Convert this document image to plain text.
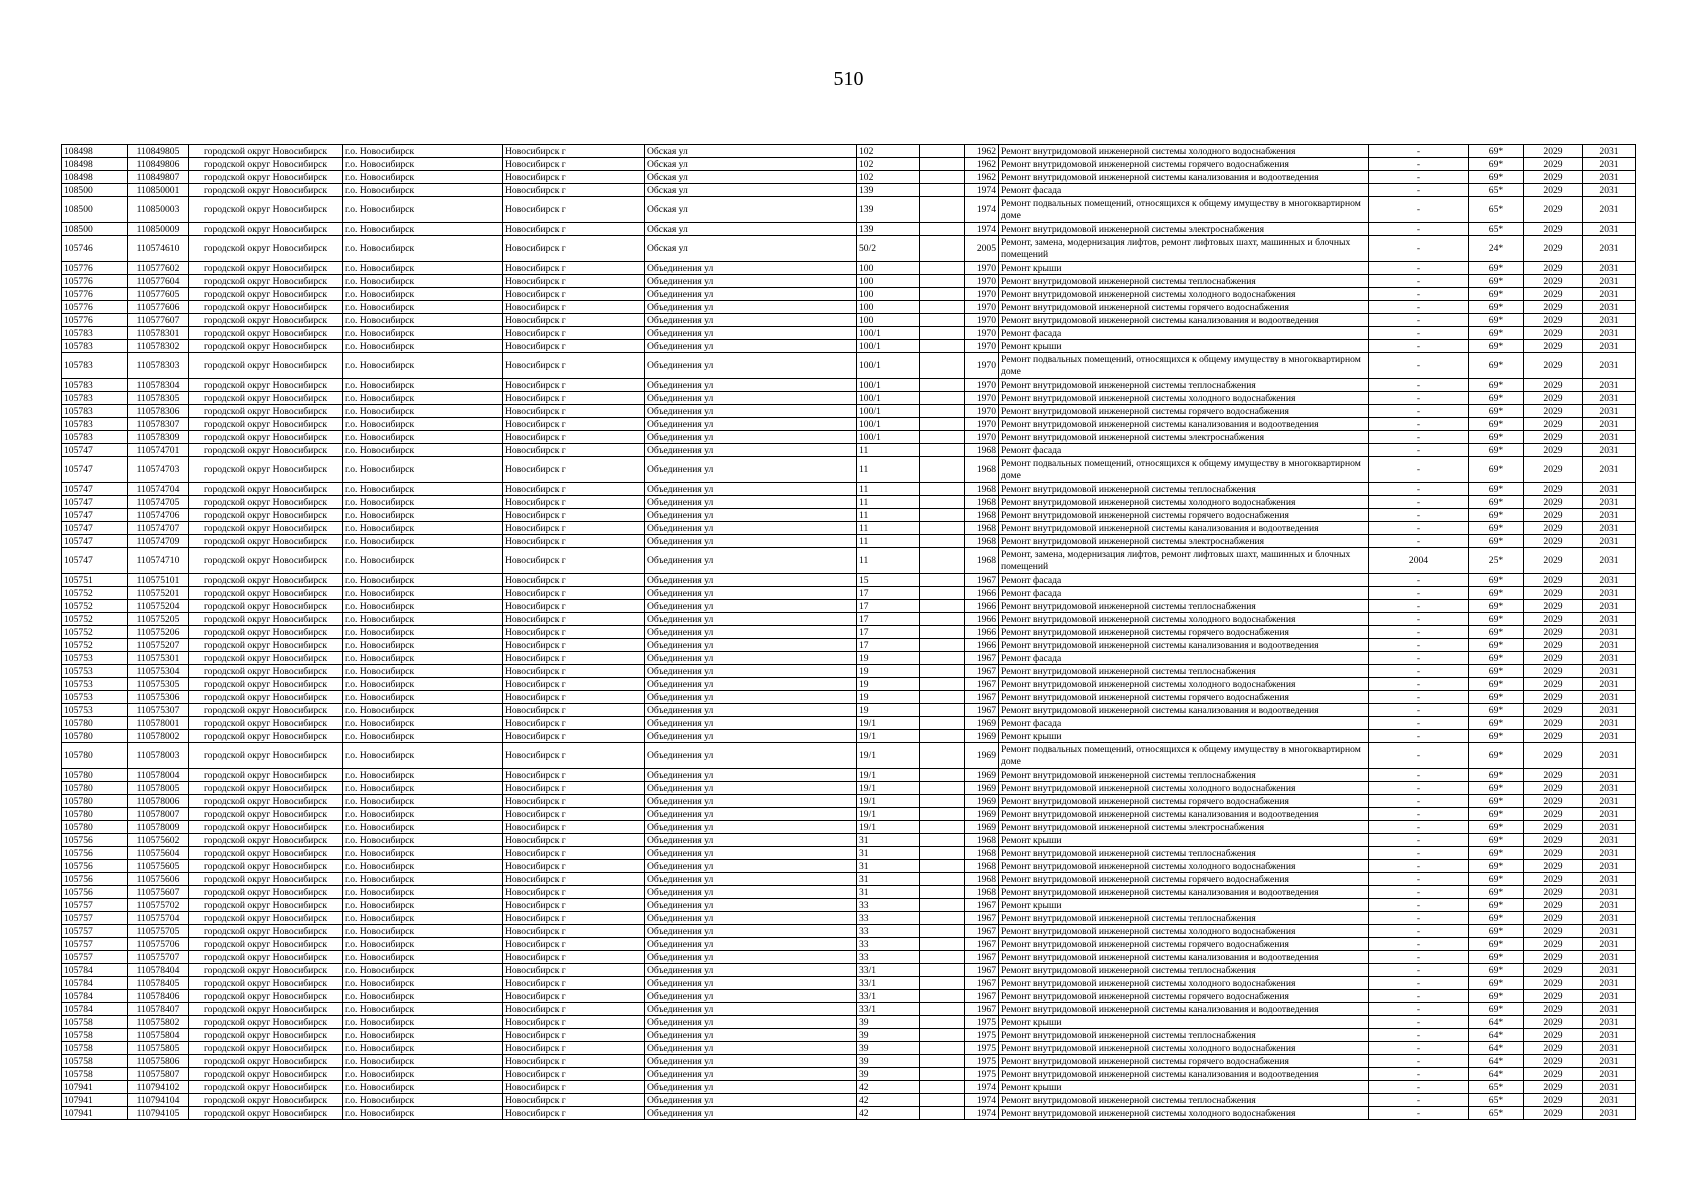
510
108498	110849805	городской округ Новосибирск	г.о. Новосибирск	Новосибирск г	Обская ул	102		1962	Ремонт внутридомовой инженерной системы холодного водоснабжения	-	69*	2029	2031
108498	110849806	городской округ Новосибирск	г.о. Новосибирск	Новосибирск г	Обская ул	102		1962	Ремонт внутридомовой инженерной системы горячего водоснабжения	-	69*	2029	2031
108498	110849807	городской округ Новосибирск	г.о. Новосибирск	Новосибирск г	Обская ул	102		1962	Ремонт внутридомовой инженерной системы канализования и водоотведения	-	69*	2029	2031
108500	110850001	городской округ Новосибирск	г.о. Новосибирск	Новосибирск г	Обская ул	139		1974	Ремонт фасада	-	65*	2029	2031
108500	110850003	городской округ Новосибирск	г.о. Новосибирск	Новосибирск г	Обская ул	139		1974	Ремонт подвальных помещений, относящихся к общему имуществу в многоквартирном доме	-	65*	2029	2031
108500	110850009	городской округ Новосибирск	г.о. Новосибирск	Новосибирск г	Обская ул	139		1974	Ремонт внутридомовой инженерной системы электроснабжения	-	65*	2029	2031
105746	110574610	городской округ Новосибирск	г.о. Новосибирск	Новосибирск г	Обская ул	50/2		2005	Ремонт, замена, модернизация лифтов, ремонт лифтовых шахт, машинных и блочных помещений	-	24*	2029	2031
105776	110577602	городской округ Новосибирск	г.о. Новосибирск	Новосибирск г	Объединения ул	100		1970	Ремонт крыши	-	69*	2029	2031
105776	110577604	городской округ Новосибирск	г.о. Новосибирск	Новосибирск г	Объединения ул	100		1970	Ремонт внутридомовой инженерной системы теплоснабжения	-	69*	2029	2031
105776	110577605	городской округ Новосибирск	г.о. Новосибирск	Новосибирск г	Объединения ул	100		1970	Ремонт внутридомовой инженерной системы холодного водоснабжения	-	69*	2029	2031
105776	110577606	городской округ Новосибирск	г.о. Новосибирск	Новосибирск г	Объединения ул	100		1970	Ремонт внутридомовой инженерной системы горячего водоснабжения	-	69*	2029	2031
105776	110577607	городской округ Новосибирск	г.о. Новосибирск	Новосибирск г	Объединения ул	100		1970	Ремонт внутридомовой инженерной системы канализования и водоотведения	-	69*	2029	2031
105783	110578301	городской округ Новосибирск	г.о. Новосибирск	Новосибирск г	Объединения ул	100/1		1970	Ремонт фасада	-	69*	2029	2031
105783	110578302	городской округ Новосибирск	г.о. Новосибирск	Новосибирск г	Объединения ул	100/1		1970	Ремонт крыши	-	69*	2029	2031
105783	110578303	городской округ Новосибирск	г.о. Новосибирск	Новосибирск г	Объединения ул	100/1		1970	Ремонт подвальных помещений, относящихся к общему имуществу в многоквартирном доме	-	69*	2029	2031
105783	110578304	городской округ Новосибирск	г.о. Новосибирск	Новосибирск г	Объединения ул	100/1		1970	Ремонт внутридомовой инженерной системы теплоснабжения	-	69*	2029	2031
105783	110578305	городской округ Новосибирск	г.о. Новосибирск	Новосибирск г	Объединения ул	100/1		1970	Ремонт внутридомовой инженерной системы холодного водоснабжения	-	69*	2029	2031
105783	110578306	городской округ Новосибирск	г.о. Новосибирск	Новосибирск г	Объединения ул	100/1		1970	Ремонт внутридомовой инженерной системы горячего водоснабжения	-	69*	2029	2031
105783	110578307	городской округ Новосибирск	г.о. Новосибирск	Новосибирск г	Объединения ул	100/1		1970	Ремонт внутридомовой инженерной системы канализования и водоотведения	-	69*	2029	2031
105783	110578309	городской округ Новосибирск	г.о. Новосибирск	Новосибирск г	Объединения ул	100/1		1970	Ремонт внутридомовой инженерной системы электроснабжения	-	69*	2029	2031
105747	110574701	городской округ Новосибирск	г.о. Новосибирск	Новосибирск г	Объединения ул	11		1968	Ремонт фасада	-	69*	2029	2031
105747	110574703	городской округ Новосибирск	г.о. Новосибирск	Новосибирск г	Объединения ул	11		1968	Ремонт подвальных помещений, относящихся к общему имуществу в многоквартирном доме	-	69*	2029	2031
105747	110574704	городской округ Новосибирск	г.о. Новосибирск	Новосибирск г	Объединения ул	11		1968	Ремонт внутридомовой инженерной системы теплоснабжения	-	69*	2029	2031
105747	110574705	городской округ Новосибирск	г.о. Новосибирск	Новосибирск г	Объединения ул	11		1968	Ремонт внутридомовой инженерной системы холодного водоснабжения	-	69*	2029	2031
105747	110574706	городской округ Новосибирск	г.о. Новосибирск	Новосибирск г	Объединения ул	11		1968	Ремонт внутридомовой инженерной системы горячего водоснабжения	-	69*	2029	2031
105747	110574707	городской округ Новосибирск	г.о. Новосибирск	Новосибирск г	Объединения ул	11		1968	Ремонт внутридомовой инженерной системы канализования и водоотведения	-	69*	2029	2031
105747	110574709	городской округ Новосибирск	г.о. Новосибирск	Новосибирск г	Объединения ул	11		1968	Ремонт внутридомовой инженерной системы электроснабжения	-	69*	2029	2031
105747	110574710	городской округ Новосибирск	г.о. Новосибирск	Новосибирск г	Объединения ул	11		1968	Ремонт, замена, модернизация лифтов, ремонт лифтовых шахт, машинных и блочных помещений	2004	25*	2029	2031
105751	110575101	городской округ Новосибирск	г.о. Новосибирск	Новосибирск г	Объединения ул	15		1967	Ремонт фасада	-	69*	2029	2031
105752	110575201	городской округ Новосибирск	г.о. Новосибирск	Новосибирск г	Объединения ул	17		1966	Ремонт фасада	-	69*	2029	2031
105752	110575204	городской округ Новосибирск	г.о. Новосибирск	Новосибирск г	Объединения ул	17		1966	Ремонт внутридомовой инженерной системы теплоснабжения	-	69*	2029	2031
105752	110575205	городской округ Новосибирск	г.о. Новосибирск	Новосибирск г	Объединения ул	17		1966	Ремонт внутридомовой инженерной системы холодного водоснабжения	-	69*	2029	2031
105752	110575206	городской округ Новосибирск	г.о. Новосибирск	Новосибирск г	Объединения ул	17		1966	Ремонт внутридомовой инженерной системы горячего водоснабжения	-	69*	2029	2031
105752	110575207	городской округ Новосибирск	г.о. Новосибирск	Новосибирск г	Объединения ул	17		1966	Ремонт внутридомовой инженерной системы канализования и водоотведения	-	69*	2029	2031
105753	110575301	городской округ Новосибирск	г.о. Новосибирск	Новосибирск г	Объединения ул	19		1967	Ремонт фасада	-	69*	2029	2031
105753	110575304	городской округ Новосибирск	г.о. Новосибирск	Новосибирск г	Объединения ул	19		1967	Ремонт внутридомовой инженерной системы теплоснабжения	-	69*	2029	2031
105753	110575305	городской округ Новосибирск	г.о. Новосибирск	Новосибирск г	Объединения ул	19		1967	Ремонт внутридомовой инженерной системы холодного водоснабжения	-	69*	2029	2031
105753	110575306	городской округ Новосибирск	г.о. Новосибирск	Новосибирск г	Объединения ул	19		1967	Ремонт внутридомовой инженерной системы горячего водоснабжения	-	69*	2029	2031
105753	110575307	городской округ Новосибирск	г.о. Новосибирск	Новосибирск г	Объединения ул	19		1967	Ремонт внутридомовой инженерной системы канализования и водоотведения	-	69*	2029	2031
105780	110578001	городской округ Новосибирск	г.о. Новосибирск	Новосибирск г	Объединения ул	19/1		1969	Ремонт фасада	-	69*	2029	2031
105780	110578002	городской округ Новосибирск	г.о. Новосибирск	Новосибирск г	Объединения ул	19/1		1969	Ремонт крыши	-	69*	2029	2031
105780	110578003	городской округ Новосибирск	г.о. Новосибирск	Новосибирск г	Объединения ул	19/1		1969	Ремонт подвальных помещений, относящихся к общему имуществу в многоквартирном доме	-	69*	2029	2031
105780	110578004	городской округ Новосибирск	г.о. Новосибирск	Новосибирск г	Объединения ул	19/1		1969	Ремонт внутридомовой инженерной системы теплоснабжения	-	69*	2029	2031
105780	110578005	городской округ Новосибирск	г.о. Новосибирск	Новосибирск г	Объединения ул	19/1		1969	Ремонт внутридомовой инженерной системы холодного водоснабжения	-	69*	2029	2031
105780	110578006	городской округ Новосибирск	г.о. Новосибирск	Новосибирск г	Объединения ул	19/1		1969	Ремонт внутридомовой инженерной системы горячего водоснабжения	-	69*	2029	2031
105780	110578007	городской округ Новосибирск	г.о. Новосибирск	Новосибирск г	Объединения ул	19/1		1969	Ремонт внутридомовой инженерной системы канализования и водоотведения	-	69*	2029	2031
105780	110578009	городской округ Новосибирск	г.о. Новосибирск	Новосибирск г	Объединения ул	19/1		1969	Ремонт внутридомовой инженерной системы электроснабжения	-	69*	2029	2031
105756	110575602	городской округ Новосибирск	г.о. Новосибирск	Новосибирск г	Объединения ул	31		1968	Ремонт крыши	-	69*	2029	2031
105756	110575604	городской округ Новосибирск	г.о. Новосибирск	Новосибирск г	Объединения ул	31		1968	Ремонт внутридомовой инженерной системы теплоснабжения	-	69*	2029	2031
105756	110575605	городской округ Новосибирск	г.о. Новосибирск	Новосибирск г	Объединения ул	31		1968	Ремонт внутридомовой инженерной системы холодного водоснабжения	-	69*	2029	2031
105756	110575606	городской округ Новосибирск	г.о. Новосибирск	Новосибирск г	Объединения ул	31		1968	Ремонт внутридомовой инженерной системы горячего водоснабжения	-	69*	2029	2031
105756	110575607	городской округ Новосибирск	г.о. Новосибирск	Новосибирск г	Объединения ул	31		1968	Ремонт внутридомовой инженерной системы канализования и водоотведения	-	69*	2029	2031
105757	110575702	городской округ Новосибирск	г.о. Новосибирск	Новосибирск г	Объединения ул	33		1967	Ремонт крыши	-	69*	2029	2031
105757	110575704	городской округ Новосибирск	г.о. Новосибирск	Новосибирск г	Объединения ул	33		1967	Ремонт внутридомовой инженерной системы теплоснабжения	-	69*	2029	2031
105757	110575705	городской округ Новосибирск	г.о. Новосибирск	Новосибирск г	Объединения ул	33		1967	Ремонт внутридомовой инженерной системы холодного водоснабжения	-	69*	2029	2031
105757	110575706	городской округ Новосибирск	г.о. Новосибирск	Новосибирск г	Объединения ул	33		1967	Ремонт внутридомовой инженерной системы горячего водоснабжения	-	69*	2029	2031
105757	110575707	городской округ Новосибирск	г.о. Новосибирск	Новосибирск г	Объединения ул	33		1967	Ремонт внутридомовой инженерной системы канализования и водоотведения	-	69*	2029	2031
105784	110578404	городской округ Новосибирск	г.о. Новосибирск	Новосибирск г	Объединения ул	33/1		1967	Ремонт внутридомовой инженерной системы теплоснабжения	-	69*	2029	2031
105784	110578405	городской округ Новосибирск	г.о. Новосибирск	Новосибирск г	Объединения ул	33/1		1967	Ремонт внутридомовой инженерной системы холодного водоснабжения	-	69*	2029	2031
105784	110578406	городской округ Новосибирск	г.о. Новосибирск	Новосибирск г	Объединения ул	33/1		1967	Ремонт внутридомовой инженерной системы горячего водоснабжения	-	69*	2029	2031
105784	110578407	городской округ Новосибирск	г.о. Новосибирск	Новосибирск г	Объединения ул	33/1		1967	Ремонт внутридомовой инженерной системы канализования и водоотведения	-	69*	2029	2031
105758	110575802	городской округ Новосибирск	г.о. Новосибирск	Новосибирск г	Объединения ул	39		1975	Ремонт крыши	-	64*	2029	2031
105758	110575804	городской округ Новосибирск	г.о. Новосибирск	Новосибирск г	Объединения ул	39		1975	Ремонт внутридомовой инженерной системы теплоснабжения	-	64*	2029	2031
105758	110575805	городской округ Новосибирск	г.о. Новосибирск	Новосибирск г	Объединения ул	39		1975	Ремонт внутридомовой инженерной системы холодного водоснабжения	-	64*	2029	2031
105758	110575806	городской округ Новосибирск	г.о. Новосибирск	Новосибирск г	Объединения ул	39		1975	Ремонт внутридомовой инженерной системы горячего водоснабжения	-	64*	2029	2031
105758	110575807	городской округ Новосибирск	г.о. Новосибирск	Новосибирск г	Объединения ул	39		1975	Ремонт внутридомовой инженерной системы канализования и водоотведения	-	64*	2029	2031
107941	110794102	городской округ Новосибирск	г.о. Новосибирск	Новосибирск г	Объединения ул	42		1974	Ремонт крыши	-	65*	2029	2031
107941	110794104	городской округ Новосибирск	г.о. Новосибирск	Новосибирск г	Объединения ул	42		1974	Ремонт внутридомовой инженерной системы теплоснабжения	-	65*	2029	2031
107941	110794105	городской округ Новосибирск	г.о. Новосибирск	Новосибирск г	Объединения ул	42		1974	Ремонт внутридомовой инженерной системы холодного водоснабжения	-	65*	2029	2031
